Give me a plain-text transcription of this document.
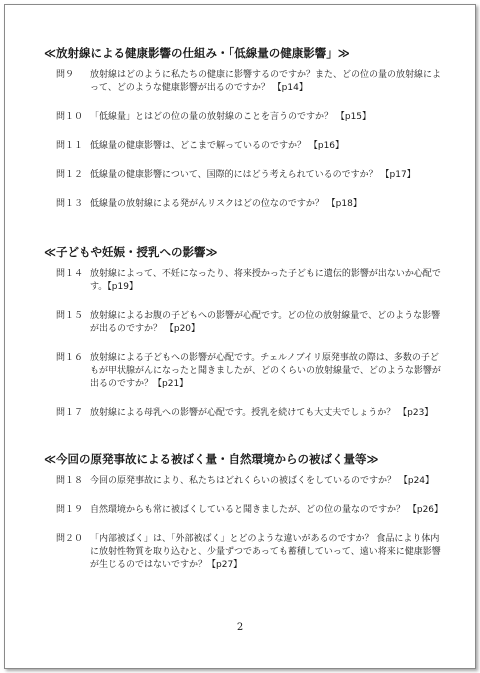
≪放射線による健康影響の仕組み・「低線量の健康影響」≫
問９	放射線はどのように私たちの健康に影響するのですか？また、どの位の量の放射線によって、どのような健康影響が出るのですか？ 【p14】
問１０ 「低線量」とはどの位の量の放射線のことを言うのですか？ 【p15】
問１１ 低線量の健康影響は、どこまで解っているのですか？ 【p16】
問１２ 低線量の健康影響について、国際的にはどう考えられているのですか？ 【p17】
問１３ 低線量の放射線による発がんリスクはどの位なのですか？ 【p18】
≪子どもや妊娠・授乳への影響≫
問１４ 放射線によって、不妊になったり、将来授かった子どもに遺伝的影響が出ないか心配です。【p19】
問１５ 放射線によるお腹の子どもへの影響が心配です。どの位の放射線量で、どのような影響が出るのですか？ 【p20】
問１６ 放射線による子どもへの影響が心配です。チェルノブイリ原発事故の際は、多数の子どもが甲状腺がんになったと聞きましたが、どのくらいの放射線量で、どのような影響が出るのですか？【p21】
問１７ 放射線による母乳への影響が心配です。授乳を続けても大丈夫でしょうか？ 【p23】
≪今回の原発事故による被ばく量・自然環境からの被ばく量等≫
問１８ 今回の原発事故により、私たちはどれくらいの被ばくをしているのですか？ 【p24】
問１９ 自然環境からも常に被ばくしていると聞きましたが、どの位の量なのですか？ 【p26】
問２０ 「内部被ばく」は、「外部被ばく」とどのような違いがあるのですか？ 食品により体内に放射性物質を取り込むと、少量ずつであっても蓄積していって、遠い将来に健康影響が生じるのではないですか？【p27】
2
